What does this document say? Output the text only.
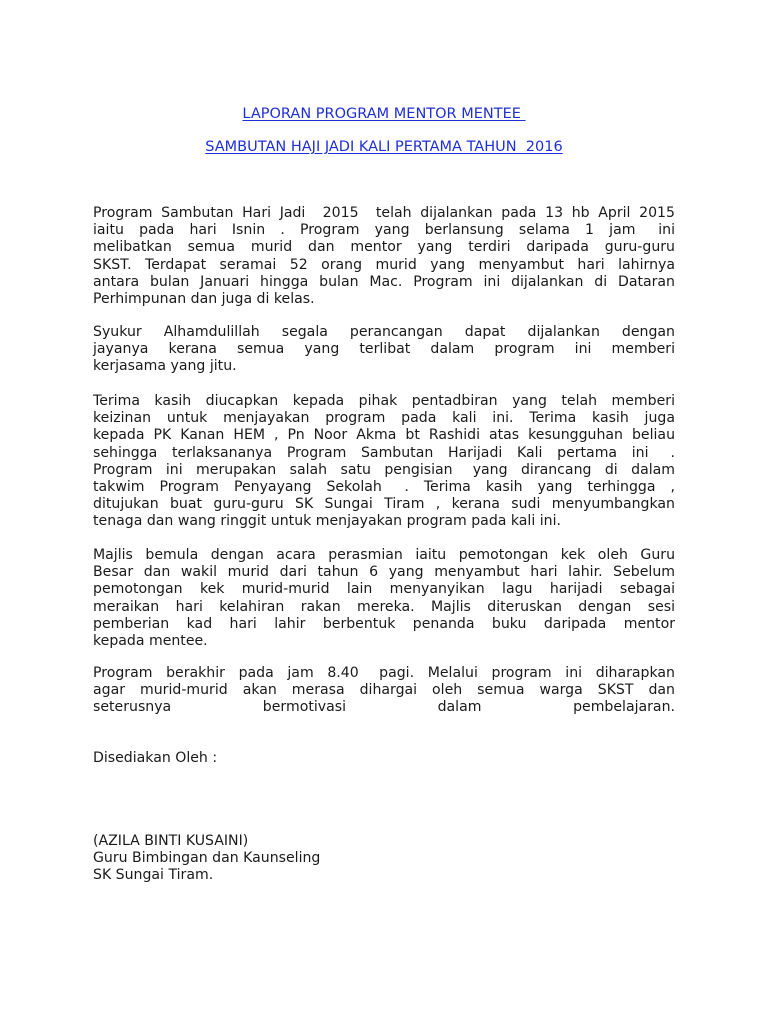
LAPORAN PROGRAM MENTOR MENTEE
SAMBUTAN HAJI JADI KALI PERTAMA TAHUN  2016
Program Sambutan Hari Jadi  2015  telah dijalankan pada 13 hb April 2015
iaitu  pada  hari  Isnin  .  Program  yang  berlansung  selama  1  jam   ini
melibatkan  semua  murid  dan  mentor  yang  terdiri  daripada  guru-guru
SKST.  Terdapat  seramai  52  orang  murid  yang  menyambut  hari  lahirnya
antara bulan Januari hingga bulan Mac. Program ini dijalankan di Dataran
Perhimpunan dan juga di kelas.
Syukur  Alhamdulillah  segala  perancangan  dapat  dijalankan  dengan
jayanya  kerana  semua  yang  terlibat  dalam  program  ini  memberi
kerjasama yang jitu.
Terima  kasih  diucapkan  kepada  pihak  pentadbiran  yang  telah  memberi
keizinan  untuk  menjayakan  program  pada  kali  ini.  Terima  kasih  juga
kepada PK Kanan HEM , Pn Noor Akma bt Rashidi atas kesungguhan beliau
sehingga  terlaksananya  Program  Sambutan  Harijadi  Kali  pertama  ini   .
Program  ini  merupakan  salah  satu  pengisian   yang  dirancang  di  dalam
takwim  Program  Penyayang  Sekolah   .  Terima  kasih  yang  terhingga  ,
ditujukan buat guru-guru SK Sungai Tiram , kerana sudi menyumbangkan
tenaga dan wang ringgit untuk menjayakan program pada kali ini.
Majlis  bemula  dengan  acara  perasmian  iaitu  pemotongan  kek  oleh  Guru
Besar dan wakil murid dari tahun 6 yang menyambut hari lahir. Sebelum
pemotongan  kek  murid-murid  lain  menyanyikan  lagu  harijadi  sebagai
meraikan  hari  kelahiran  rakan  mereka.  Majlis  diteruskan  dengan  sesi
pemberian  kad  hari  lahir  berbentuk  penanda  buku  daripada  mentor
kepada mentee.
Program  berakhir  pada  jam  8.40   pagi.  Melalui  program  ini  diharapkan
agar  murid-murid  akan  merasa  dihargai  oleh  semua  warga  SKST  dan
seterusnya            bermotivasi            dalam            pembelajaran.
Disediakan Oleh :
(AZILA BINTI KUSAINI)
Guru Bimbingan dan Kaunseling
SK Sungai Tiram.
